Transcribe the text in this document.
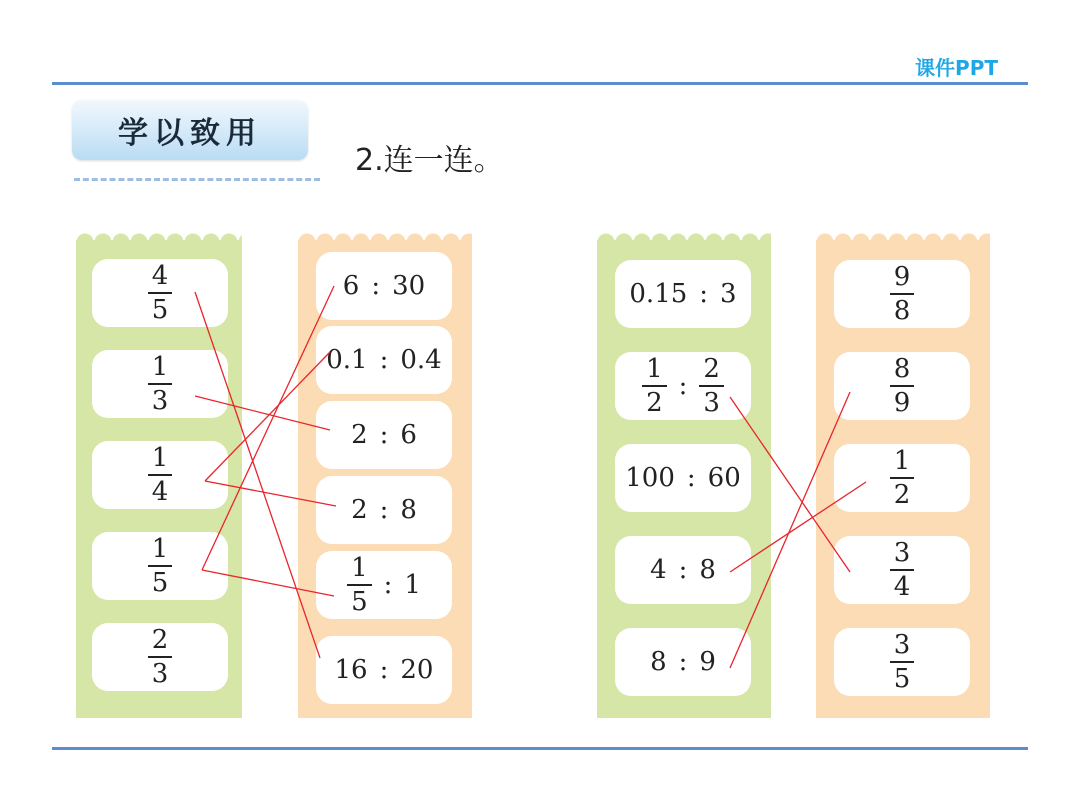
课件PPT
学以致用
2.连一连。
$\frac{4}{5}$
$\frac{1}{3}$
$\frac{1}{4}$
$\frac{1}{5}$
$\frac{2}{3}$
6 : 30
0.1 : 0.4
2 : 6
2 : 8
$\frac{1}{5}$ : 1
16 : 20
0.15 : 3
$\frac{1}{2}$ : $\frac{2}{3}$
100 : 60
4 : 8
8 : 9
$\frac{9}{8}$
$\frac{8}{9}$
$\frac{1}{2}$
$\frac{3}{4}$
$\frac{3}{5}$
